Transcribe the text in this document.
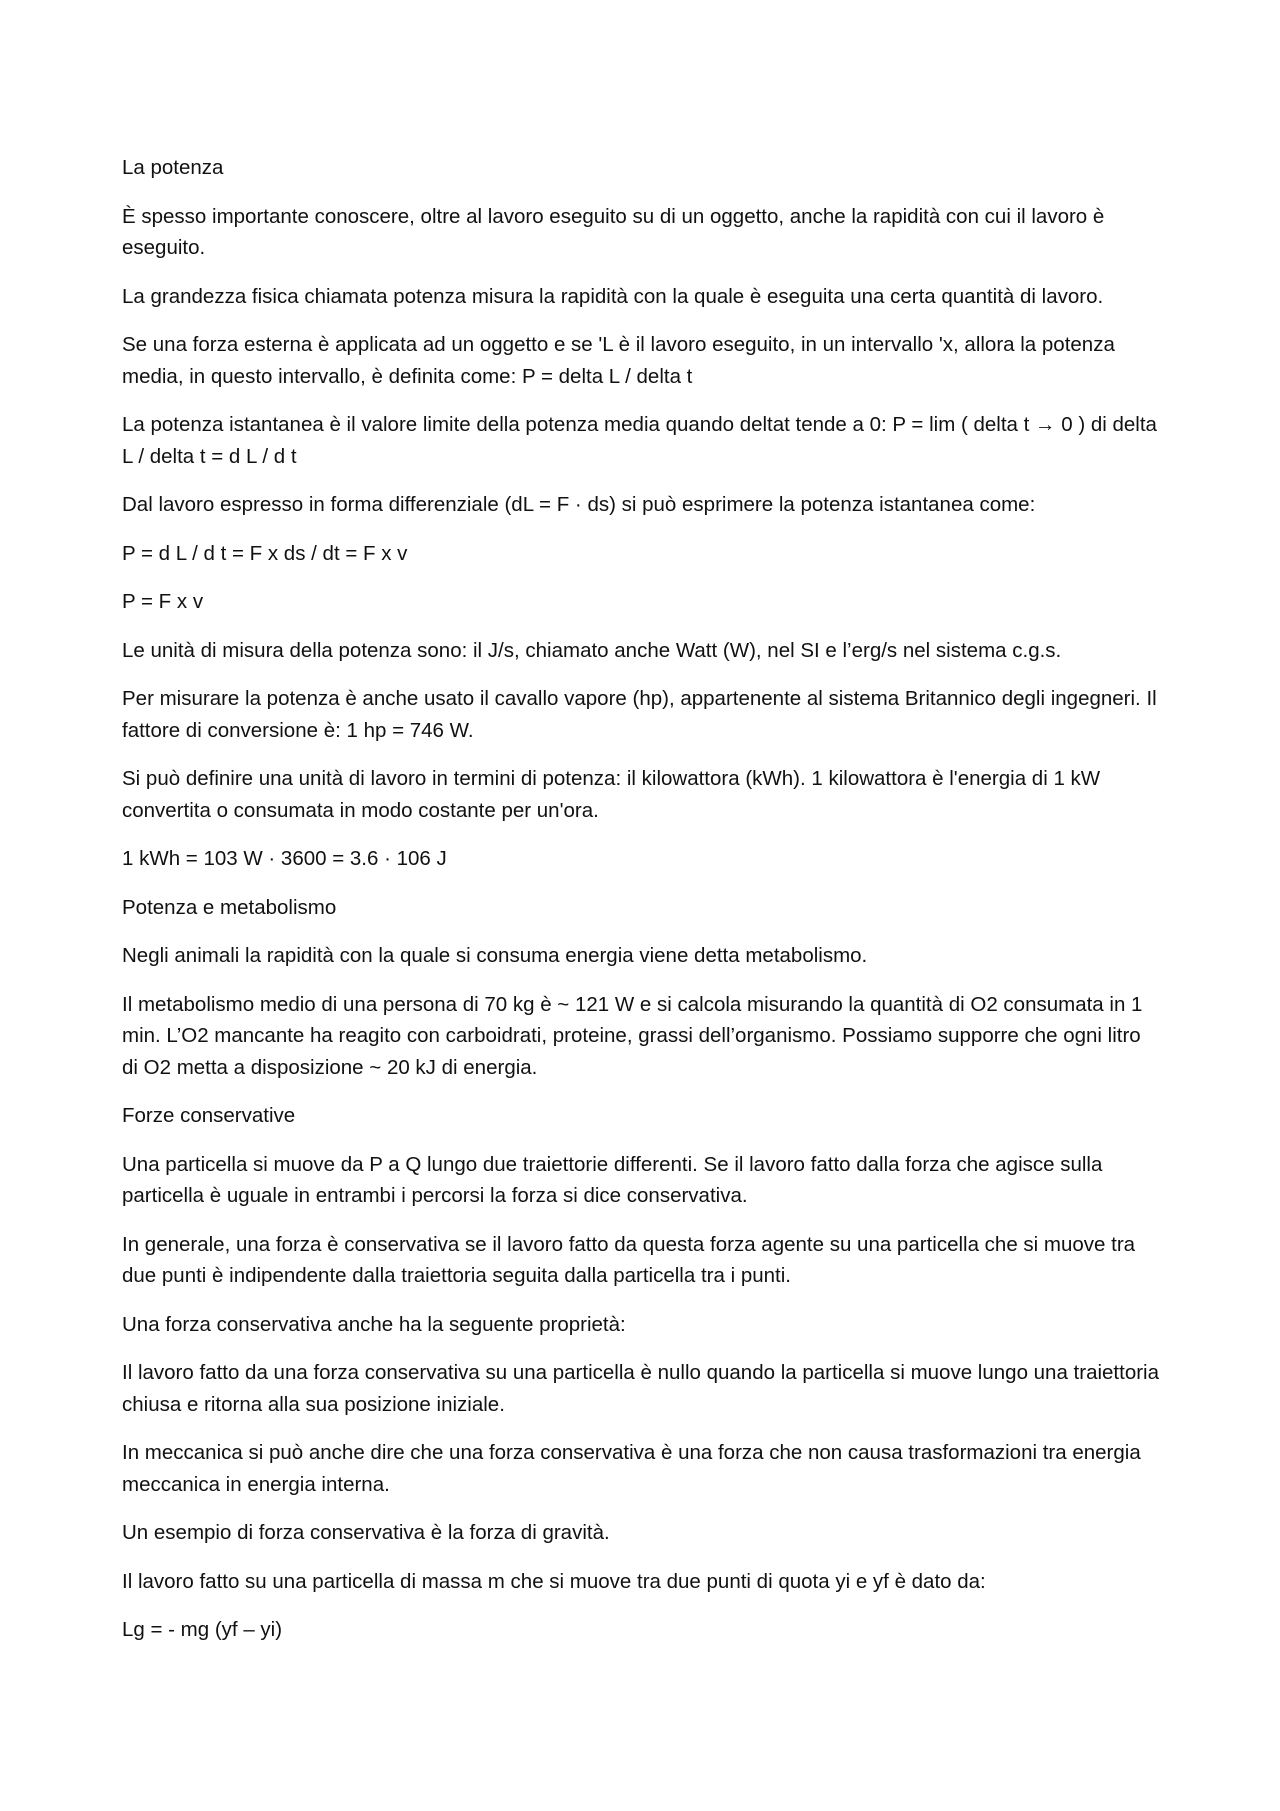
La potenza

È spesso importante conoscere, oltre al lavoro eseguito su di un oggetto, anche la rapidità con cui il lavoro è eseguito.

La grandezza fisica chiamata potenza misura la rapidità con la quale è eseguita una certa quantità di lavoro.

Se una forza esterna è applicata ad un oggetto e se 'L è il lavoro eseguito, in un intervallo 'x, allora la potenza media, in questo intervallo, è definita come: P = delta L / delta t

La potenza istantanea è il valore limite della potenza media quando deltat tende a 0: P = lim ( delta t → 0 ) di delta L / delta t = d L / d t

Dal lavoro espresso in forma differenziale (dL = F · ds) si può esprimere la potenza istantanea come:

P = d L / d t = F x ds / dt = F x v

P = F x v

Le unità di misura della potenza sono: il J/s, chiamato anche Watt (W), nel SI e l’erg/s nel sistema c.g.s.

Per misurare la potenza è anche usato il cavallo vapore (hp), appartenente al sistema Britannico degli ingegneri. Il fattore di conversione è: 1 hp = 746 W.

Si può definire una unità di lavoro in termini di potenza: il kilowattora (kWh). 1 kilowattora è l'energia di 1 kW convertita o consumata in modo costante per un'ora.

1 kWh = 103 W · 3600 = 3.6 · 106 J

Potenza e metabolismo

Negli animali la rapidità con la quale si consuma energia viene detta metabolismo.

Il metabolismo medio di una persona di 70 kg è ~ 121 W e si calcola misurando la quantità di O2 consumata in 1 min. L’O2 mancante ha reagito con carboidrati, proteine, grassi dell’organismo. Possiamo supporre che ogni litro di O2 metta a disposizione ~ 20 kJ di energia.

Forze conservative

Una particella si muove da P a Q lungo due traiettorie differenti. Se il lavoro fatto dalla forza che agisce sulla particella è uguale in entrambi i percorsi la forza si dice conservativa.

In generale, una forza è conservativa se il lavoro fatto da questa forza agente su una particella che si muove tra due punti è indipendente dalla traiettoria seguita dalla particella tra i punti.

Una forza conservativa anche ha la seguente proprietà:

Il lavoro fatto da una forza conservativa su una particella è nullo quando la particella si muove lungo una traiettoria chiusa e ritorna alla sua posizione iniziale.

In meccanica si può anche dire che una forza conservativa è una forza che non causa trasformazioni tra energia meccanica in energia interna.

Un esempio di forza conservativa è la forza di gravità.

Il lavoro fatto su una particella di massa m che si muove tra due punti di quota yi e yf è dato da:

Lg = - mg (yf – yi)
